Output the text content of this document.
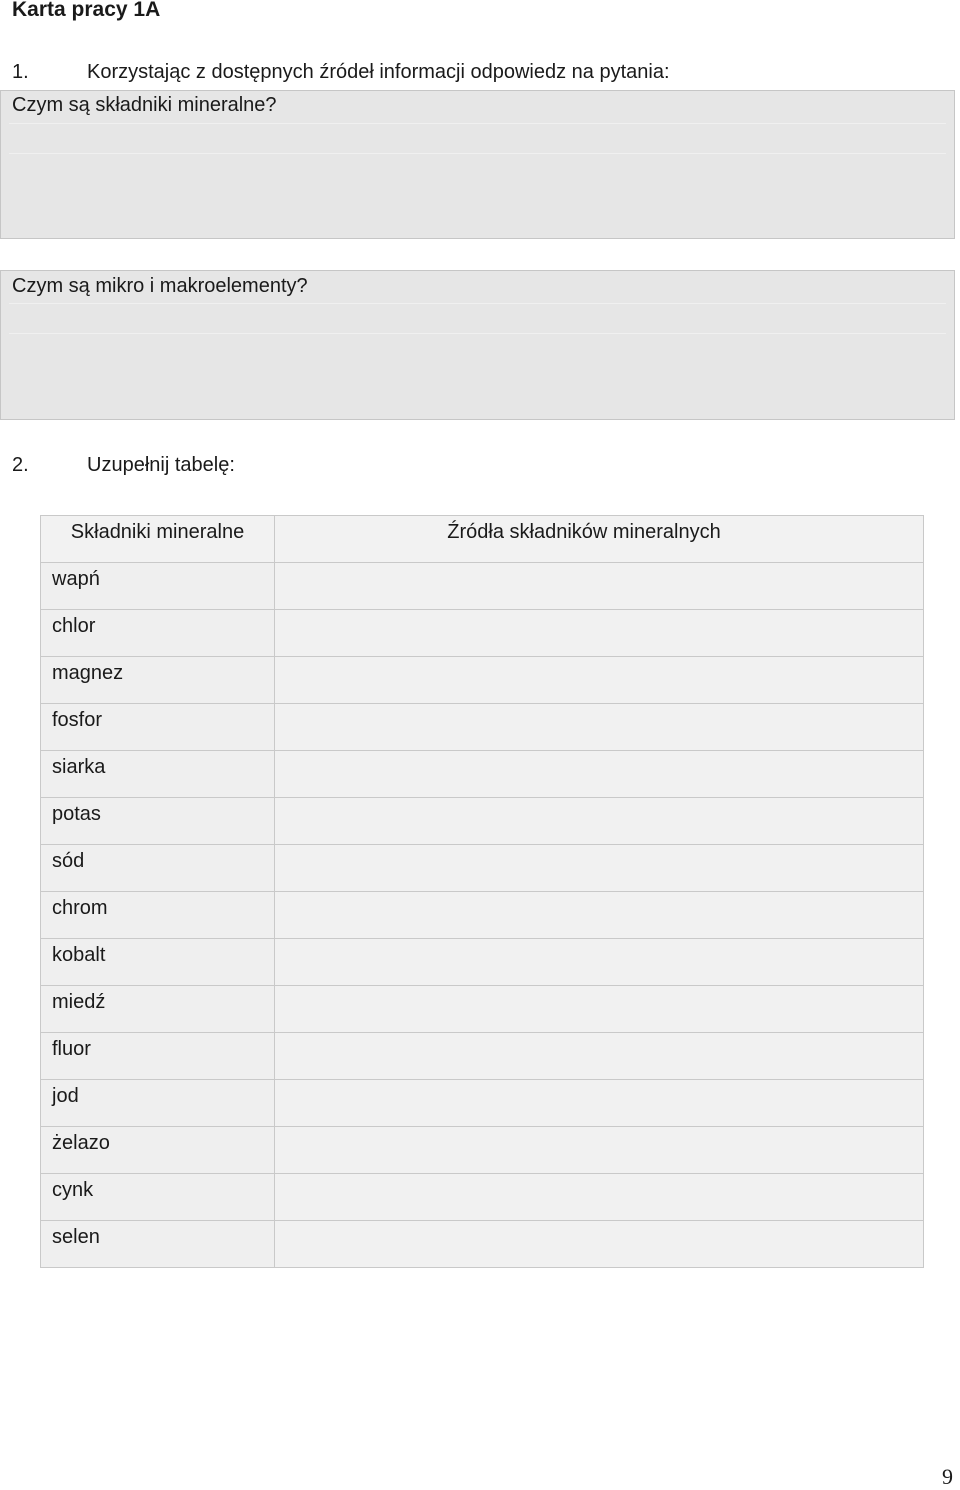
Karta pracy 1A
1.	Korzystając z dostępnych źródeł informacji odpowiedz na pytania:
Czym są składniki mineralne?
Czym są mikro i makroelementy?
2.	Uzupełnij tabelę:
Składniki mineralne	Źródła składników mineralnych
wapń	
chlor	
magnez	
fosfor	
siarka	
potas	
sód	
chrom	
kobalt	
miedź	
fluor	
jod	
żelazo	
cynk	
selen	
9
